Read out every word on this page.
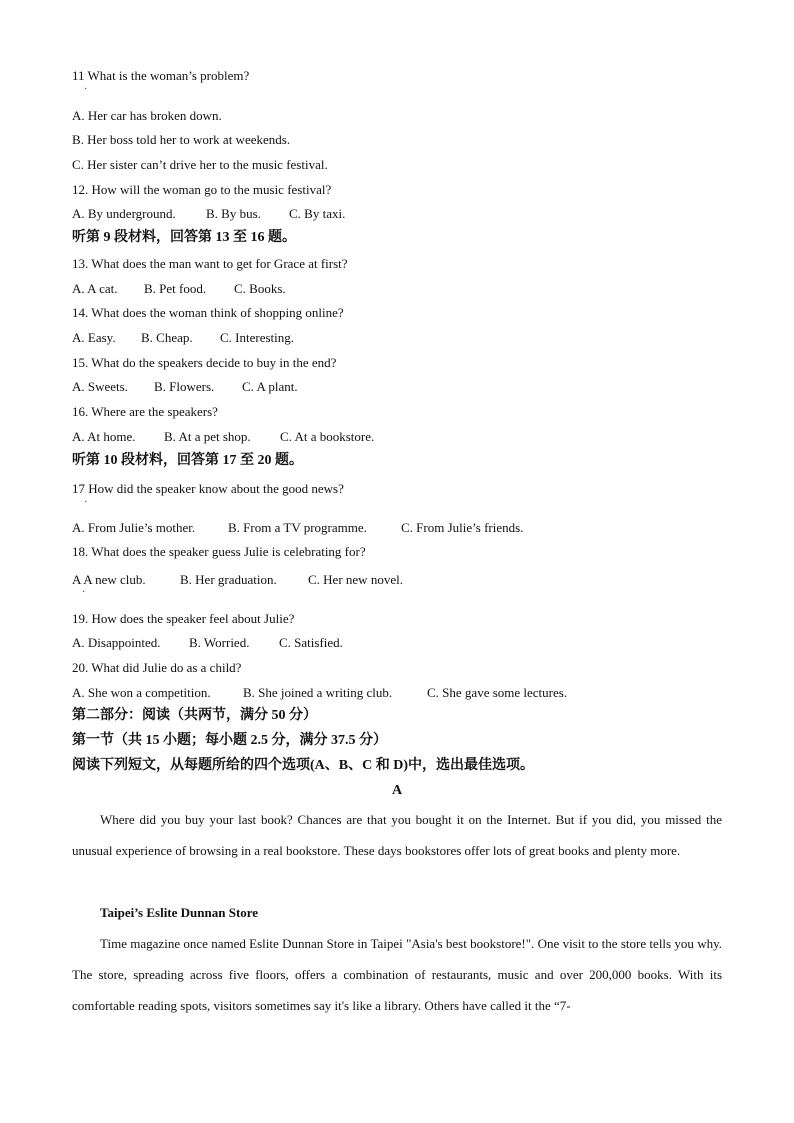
11 What is the woman’s problem?
·
A. Her car has broken down.
B. Her boss told her to work at weekends.
C. Her sister can’t drive her to the music festival.
12. How will the woman go to the music festival?
A. By underground. B. By bus. C. By taxi.
听第 9 段材料，回答第 13 至 16 题。
13. What does the man want to get for Grace at first?
A. A cat. B. Pet food. C. Books.
14. What does the woman think of shopping online?
A. Easy. B. Cheap. C. Interesting.
15. What do the speakers decide to buy in the end?
A. Sweets. B. Flowers. C. A plant.
16. Where are the speakers?
A. At home. B. At a pet shop. C. At a bookstore.
听第 10 段材料，回答第 17 至 20 题。
17 How did the speaker know about the good news?
·
A. From Julie’s mother.	B. From a TV programme.	C. From Julie’s friends.
18. What does the speaker guess Julie is celebrating for?
A A new club.	B. Her graduation. C. Her new novel.
·
19. How does the speaker feel about Julie?
A. Disappointed. B. Worried. C. Satisfied.
20. What did Julie do as a child?
A. She won a competition. B. She joined a writing club.	C. She gave some lectures.
第二部分：阅读（共两节，满分 50 分）
第一节（共 15 小题；每小题 2.5 分，满分 37.5 分）
阅读下列短文，从每题所给的四个选项(A、B、C 和 D)中，选出最佳选项。
A
Where did you buy your last book? Chances are that you bought it on the Internet. But if you did, you missed the unusual experience of browsing in a real bookstore. These days bookstores offer lots of great books and plenty more.
Taipei’s Eslite Dunnan Store
Time magazine once named Eslite Dunnan Store in Taipei "Asia's best bookstore!". One visit to the store tells you why. The store, spreading across five floors, offers a combination of restaurants, music and over 200,000 books. With its comfortable reading spots, visitors sometimes say it's like a library. Others have called it the “7-
